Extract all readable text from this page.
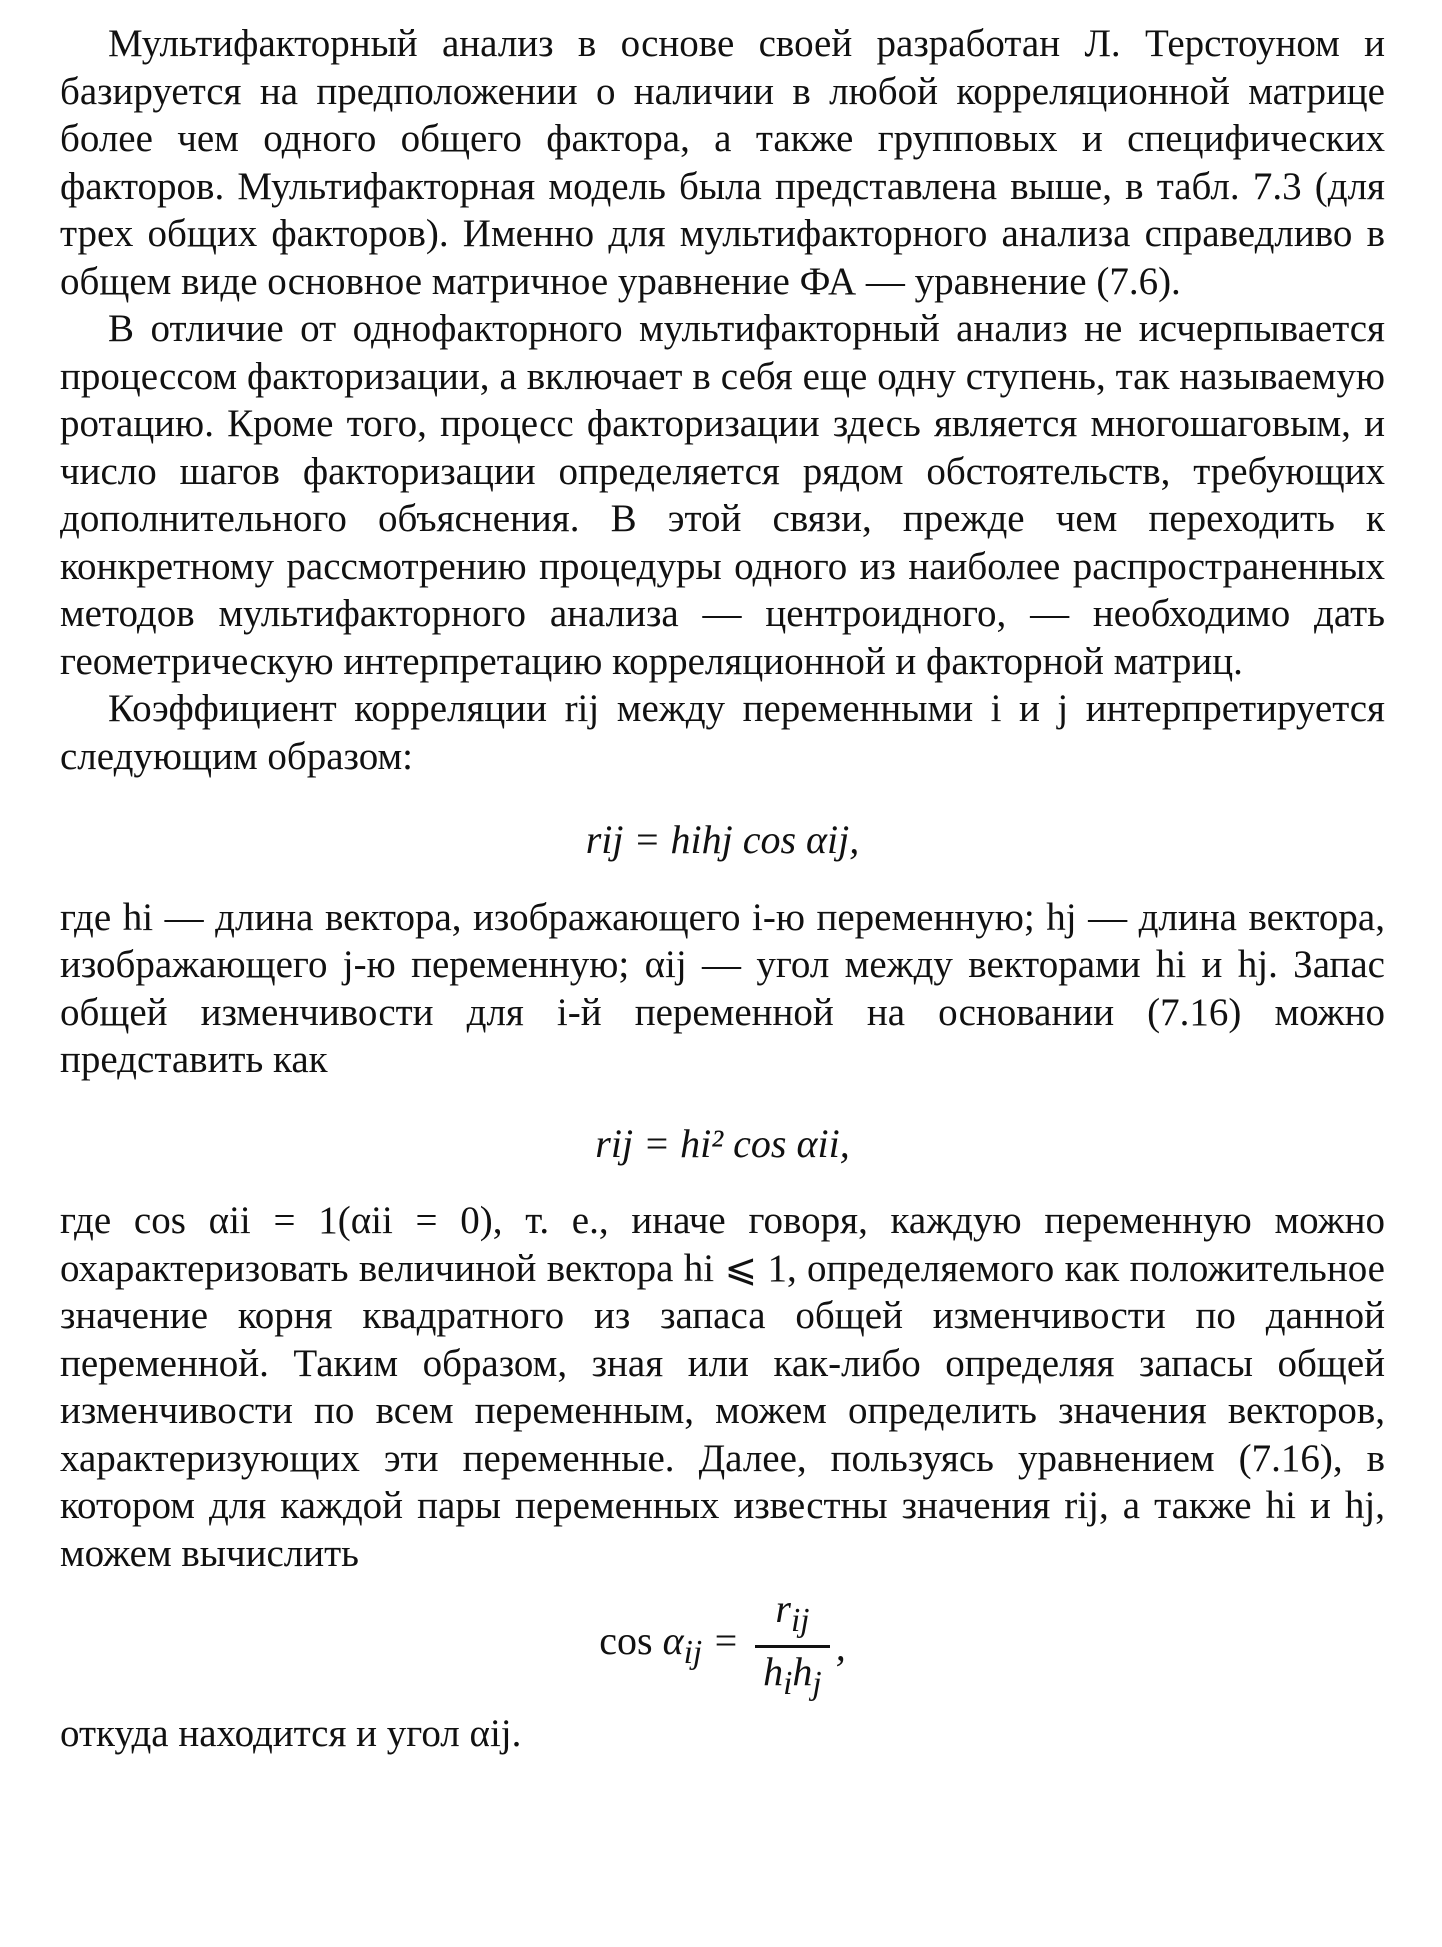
Мультифакторный анализ в основе своей разработан Л. Терстоуном и базируется на предположении о наличии в любой корреляционной матрице более чем одного общего фактора, а также групповых и специфических факторов. Мультифакторная модель была представлена выше, в табл. 7.3 (для трех общих факторов). Именно для мультифакторного анализа справедливо в общем виде основное матричное уравнение ФА — уравнение (7.6).

В отличие от однофакторного мультифакторный анализ не исчерпывается процессом факторизации, а включает в себя еще одну ступень, так называемую ротацию. Кроме того, процесс факторизации здесь является многошаговым, и число шагов факторизации определяется рядом обстоятельств, требующих дополнительного объяснения. В этой связи, прежде чем переходить к конкретному рассмотрению процедуры одного из наиболее распространенных методов мультифакторного анализа — центроидного, — необходимо дать геометрическую интерпретацию корреляционной и факторной матриц.

Коэффициент корреляции rij между переменными i и j интерпретируется следующим образом:

rij = hihj cos αij,

где hi — длина вектора, изображающего i-ю переменную; hj — длина вектора, изображающего j-ю переменную; αij — угол между векторами hi и hj. Запас общей изменчивости для i-й переменной на основании (7.16) можно представить как

rij = hi² cos αii,

где cos αii = 1(αii = 0), т. е., иначе говоря, каждую переменную можно охарактеризовать величиной вектора hi ⩽ 1, определяемого как положительное значение корня квадратного из запаса общей изменчивости по данной переменной. Таким образом, зная или как-либо определяя запасы общей изменчивости по всем переменным, можем определить значения векторов, характеризующих эти переменные. Далее, пользуясь уравнением (7.16), в котором для каждой пары переменных известны значения rij, а также hi и hj, можем вычислить

$\cos \alpha_{ij} = \frac{r_{ij}}{h_ih_j}$ ,

откуда находится и угол αij.
